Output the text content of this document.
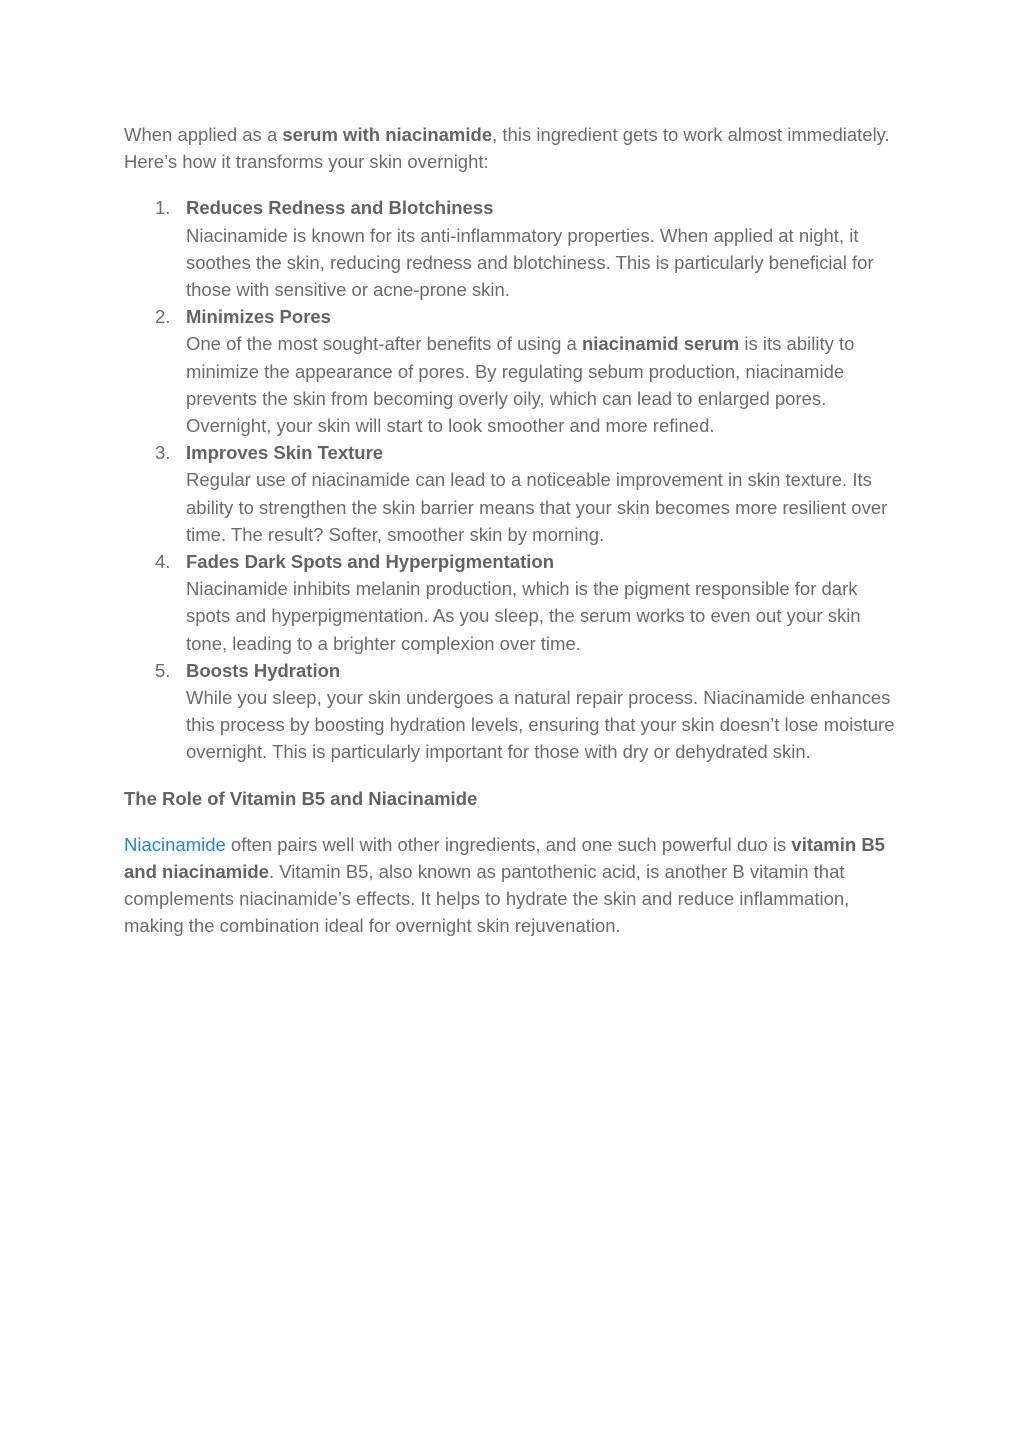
When applied as a serum with niacinamide, this ingredient gets to work almost immediately. Here’s how it transforms your skin overnight:

1. Reduces Redness and Blotchiness
Niacinamide is known for its anti-inflammatory properties. When applied at night, it soothes the skin, reducing redness and blotchiness. This is particularly beneficial for those with sensitive or acne-prone skin.
2. Minimizes Pores
One of the most sought-after benefits of using a niacinamid serum is its ability to minimize the appearance of pores. By regulating sebum production, niacinamide prevents the skin from becoming overly oily, which can lead to enlarged pores. Overnight, your skin will start to look smoother and more refined.
3. Improves Skin Texture
Regular use of niacinamide can lead to a noticeable improvement in skin texture. Its ability to strengthen the skin barrier means that your skin becomes more resilient over time. The result? Softer, smoother skin by morning.
4. Fades Dark Spots and Hyperpigmentation
Niacinamide inhibits melanin production, which is the pigment responsible for dark spots and hyperpigmentation. As you sleep, the serum works to even out your skin tone, leading to a brighter complexion over time.
5. Boosts Hydration
While you sleep, your skin undergoes a natural repair process. Niacinamide enhances this process by boosting hydration levels, ensuring that your skin doesn’t lose moisture overnight. This is particularly important for those with dry or dehydrated skin.

The Role of Vitamin B5 and Niacinamide

Niacinamide often pairs well with other ingredients, and one such powerful duo is vitamin B5 and niacinamide. Vitamin B5, also known as pantothenic acid, is another B vitamin that complements niacinamide’s effects. It helps to hydrate the skin and reduce inflammation, making the combination ideal for overnight skin rejuvenation.
